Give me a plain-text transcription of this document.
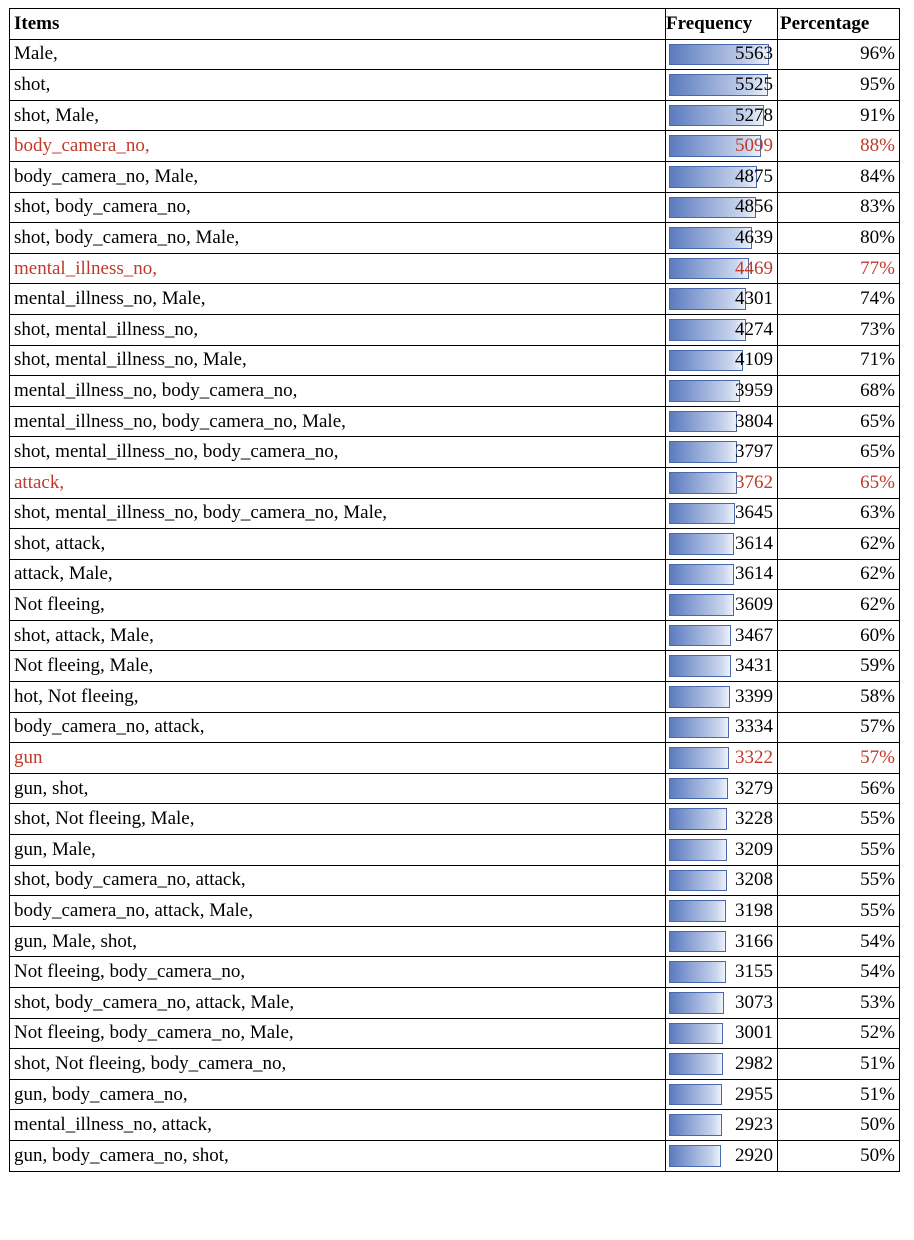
Items	Frequency	Percentage
Male,	5563	96%
shot,	5525	95%
shot, Male,	5278	91%
body_camera_no,	5099	88%
body_camera_no, Male,	4875	84%
shot, body_camera_no,	4856	83%
shot, body_camera_no, Male,	4639	80%
mental_illness_no,	4469	77%
mental_illness_no, Male,	4301	74%
shot, mental_illness_no,	4274	73%
shot, mental_illness_no, Male,	4109	71%
mental_illness_no, body_camera_no,	3959	68%
mental_illness_no, body_camera_no, Male,	3804	65%
shot, mental_illness_no, body_camera_no,	3797	65%
attack,	3762	65%
shot, mental_illness_no, body_camera_no, Male,	3645	63%
shot, attack,	3614	62%
attack, Male,	3614	62%
Not fleeing,	3609	62%
shot, attack, Male,	3467	60%
Not fleeing, Male,	3431	59%
hot, Not fleeing,	3399	58%
body_camera_no, attack,	3334	57%
gun	3322	57%
gun, shot,	3279	56%
shot, Not fleeing, Male,	3228	55%
gun, Male,	3209	55%
shot, body_camera_no, attack,	3208	55%
body_camera_no, attack, Male,	3198	55%
gun, Male, shot,	3166	54%
Not fleeing, body_camera_no,	3155	54%
shot, body_camera_no, attack, Male,	3073	53%
Not fleeing, body_camera_no, Male,	3001	52%
shot, Not fleeing, body_camera_no,	2982	51%
gun, body_camera_no,	2955	51%
mental_illness_no, attack,	2923	50%
gun, body_camera_no, shot,	2920	50%
